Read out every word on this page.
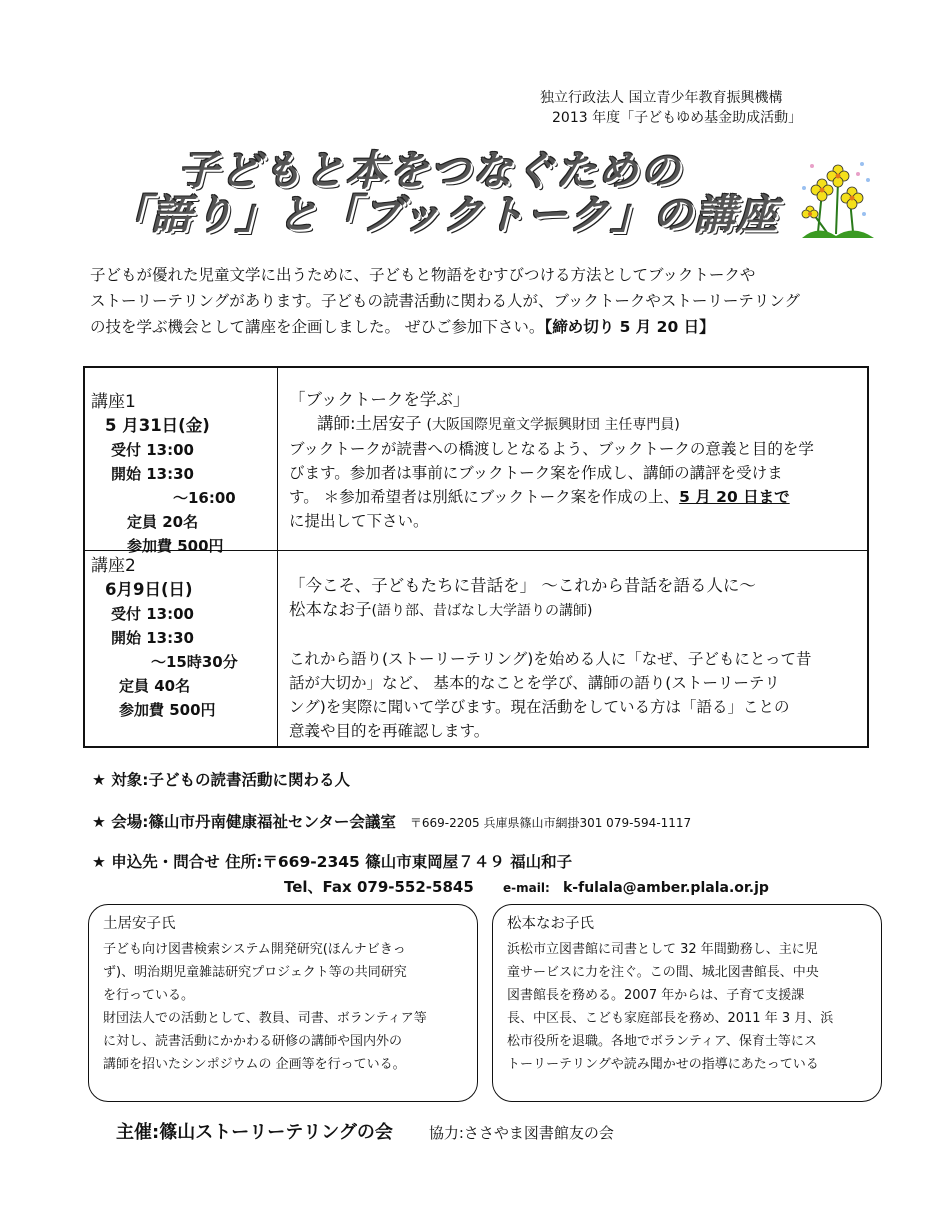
独立行政法人 国立青少年教育振興機構
2013 年度「子どもゆめ基金助成活動」
子どもと本をつなぐための
「語り」と「ブックトーク」の講座
子どもが優れた児童文学に出うために、子どもと物語をむすびつける方法としてブックトークや
ストーリーテリングがあります。子どもの読書活動に関わる人が、ブックトークやストーリーテリング
の技を学ぶ機会として講座を企画しました。 ぜひご参加下さい。【締め切り 5 月 20 日】
講座1
5 月31日(金)
受付 13:00
開始 13:30
～16:00
定員 20名
参加費 500円
「ブックトークを学ぶ」
講師:土居安子 (大阪国際児童文学振興財団 主任専門員)
ブックトークが読書への橋渡しとなるよう、ブックトークの意義と目的を学
びます。参加者は事前にブックトーク案を作成し、講師の講評を受けま
す。 ＊参加希望者は別紙にブックトーク案を作成の上、5 月 20 日まで
に提出して下さい。
講座2
6月9日(日)
受付 13:00
開始 13:30
～15時30分
定員 40名
参加費 500円
「今こそ、子どもたちに昔話を」 ～これから昔話を語る人に～
松本なお子(語り部、昔ばなし大学語りの講師)
これから語り(ストーリーテリング)を始める人に「なぜ、子どもにとって昔
話が大切か」など、 基本的なことを学び、講師の語り(ストーリーテリ
ング)を実際に聞いて学びます。現在活動をしている方は「語る」ことの
意義や目的を再確認します。
★ 対象:子どもの読書活動に関わる人
★ 会場:篠山市丹南健康福祉センター会議室 〒669-2205 兵庫県篠山市網掛301 079-594-1117
★ 申込先・問合せ 住所:〒669-2345 篠山市東岡屋７４９ 福山和子
Tel、Fax 079-552-5845 e-mail: k-fulala@amber.plala.or.jp
土居安子氏
子ども向け図書検索システム開発研究(ほんナビきっ
ず)、明治期児童雑誌研究プロジェクト等の共同研究
を行っている。
財団法人での活動として、教員、司書、ボランティア等
に対し、読書活動にかかわる研修の講師や国内外の
講師を招いたシンポジウムの 企画等を行っている。
松本なお子氏
浜松市立図書館に司書として 32 年間勤務し、主に児
童サービスに力を注ぐ。この間、城北図書館長、中央
図書館長を務める。2007 年からは、子育て支援課
長、中区長、こども家庭部長を務め、2011 年 3 月、浜
松市役所を退職。各地でボランティア、保育士等にス
トーリーテリングや読み聞かせの指導にあたっている
主催:篠山ストーリーテリングの会 協力:ささやま図書館友の会
